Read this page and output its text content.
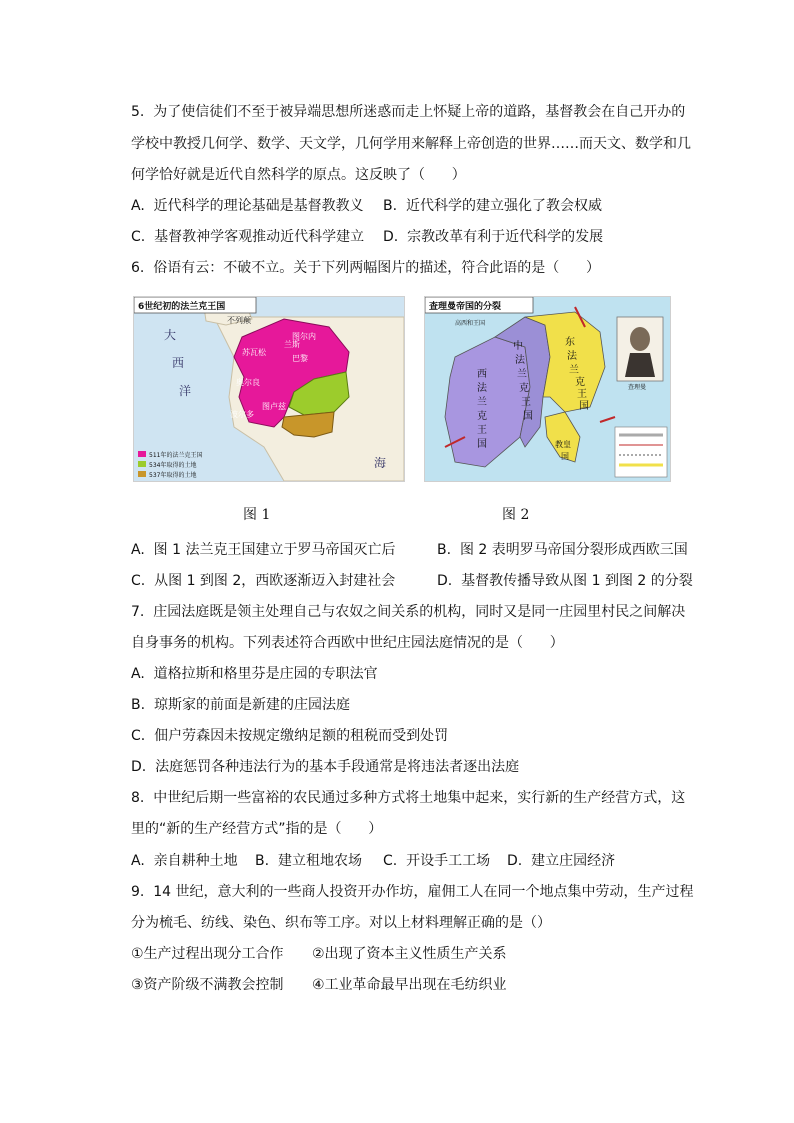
5.  为了使信徒们不至于被异端思想所迷惑而走上怀疑上帝的道路，基督教会在自己开办的
学校中教授几何学、数学、天文学，几何学用来解释上帝创造的世界……而天文、数学和几
何学恰好就是近代自然科学的原点。这反映了（      ）
A.  近代科学的理论基础是基督教教义 B.  近代科学的建立强化了教会权威
C.  基督教神学客观推动近代科学建立 D.  宗教改革有利于近代科学的发展
6.  俗语有云：不破不立。关于下列两幅图片的描述，符合此语的是（      ）
6世纪初的法兰克王国
不列颠
大
西
洋
苏瓦松
兰斯
图尔内
巴黎
奥尔良
波尔多
图卢兹
海
511年的法兰克王国
534年取得的土地
537年取得的土地
查理曼
查理曼帝国的分裂
高西和王国
中
法
兰
克
王
国
西
法
兰
克
王
国
东
法
兰
克
王
国
教皇
国
图 1	图 2
A.  图 1 法兰克王国建立于罗马帝国灭亡后	B.  图 2 表明罗马帝国分裂形成西欧三国
C.  从图 1 到图 2，西欧逐渐迈入封建社会	D.  基督教传播导致从图 1 到图 2 的分裂
7.  庄园法庭既是领主处理自己与农奴之间关系的机构，同时又是同一庄园里村民之间解决
自身事务的机构。下列表述符合西欧中世纪庄园法庭情况的是（      ）
A.  道格拉斯和格里芬是庄园的专职法官
B.  琼斯家的前面是新建的庄园法庭
C.  佃户劳森因未按规定缴纳足额的租税而受到处罚
D.  法庭惩罚各种违法行为的基本手段通常是将违法者逐出法庭
8.  中世纪后期一些富裕的农民通过多种方式将土地集中起来，实行新的生产经营方式，这
里的“新的生产经营方式”指的是（      ）
A.  亲自耕种土地 B.  建立租地农场 C.  开设手工工场 D.  建立庄园经济
9.  14 世纪，意大利的一些商人投资开办作坊，雇佣工人在同一个地点集中劳动，生产过程
分为梳毛、纺线、染色、织布等工序。对以上材料理解正确的是（）
①生产过程出现分工合作 ②出现了资本主义性质生产关系
③资产阶级不满教会控制 ④工业革命最早出现在毛纺织业
